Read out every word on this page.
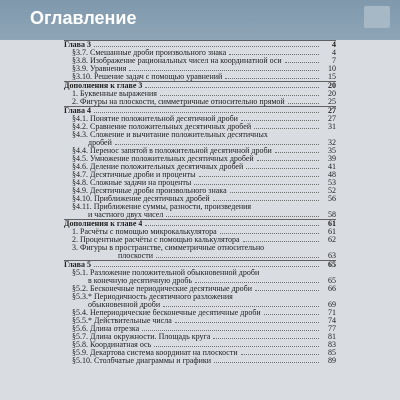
Оглавление
Глава 3	4
§3.7. Смешанные дроби произвольного знака	4
§3.8. Изображение рациональных чисел на координатной оси	7
§3.9. Уравнения	10
§3.10. Решение задач с помощью уравнений	15
Дополнения к главе 3	20
1. Буквенные выражения	20
2. Фигуры на плоскости, симметричные относительно прямой	25
Глава 4	27
§4.1. Понятие положительной десятичной дроби	27
§4.2. Сравнение положительных десятичных дробей	31
§4.3. Сложение и вычитание положительных десятичных
дробей	32
§4.4. Перенос запятой в положительной десятичной дроби	35
§4.5. Умножение положительных десятичных дробей	39
§4.6. Деление положительных десятичных дробей	41
§4.7. Десятичные дроби и проценты	48
§4.8. Сложные задачи на проценты	53
§4.9. Десятичные дроби произвольного знака	52
§4.10. Приближение десятичных дробей	56
§4.11. Приближение суммы, разности, произведения
и частного двух чисел	58
Дополнения к главе 4	61
1. Расчёты с помощью микрокалькулятора	61
2. Процентные расчёты с помощью калькулятора	62
3. Фигуры в пространстве, симметричные относительно
плоскости	63
Глава 5	65
§5.1. Разложение положительной обыкновенной дроби
в конечную десятичную дробь	65
§5.2. Бесконечные периодические десятичные дроби	66
§5.3.* Периодичность десятичного разложения
обыкновенной дроби	69
§5.4. Непериодические бесконечные десятичные дроби	71
§5.5.* Действительные числа	74
§5.6. Длина отрезка	77
§5.7. Длина окружности. Площадь круга	81
§5.8. Координатная ось	83
§5.9. Декартова система координат на плоскости	85
§5.10. Столбчатые диаграммы и графики	89
